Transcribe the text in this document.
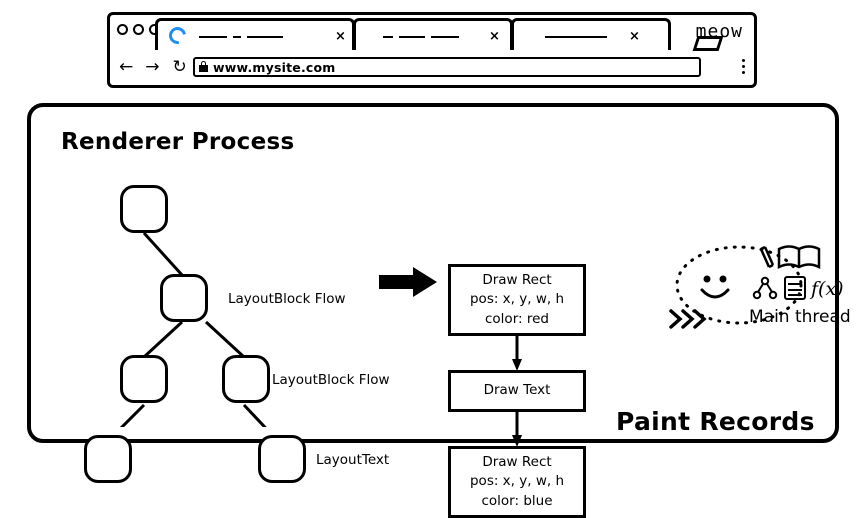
×	×	×	meow
← → ↻ www.mysite.com
Renderer Process
LayoutBlock Flow
LayoutBlock Flow
LayoutText
Draw Rect
pos: x, y, w, h
color: red
Draw Text
Draw Rect
pos: x, y, w, h
color: blue
Paint Records
f(x)
Main thread
